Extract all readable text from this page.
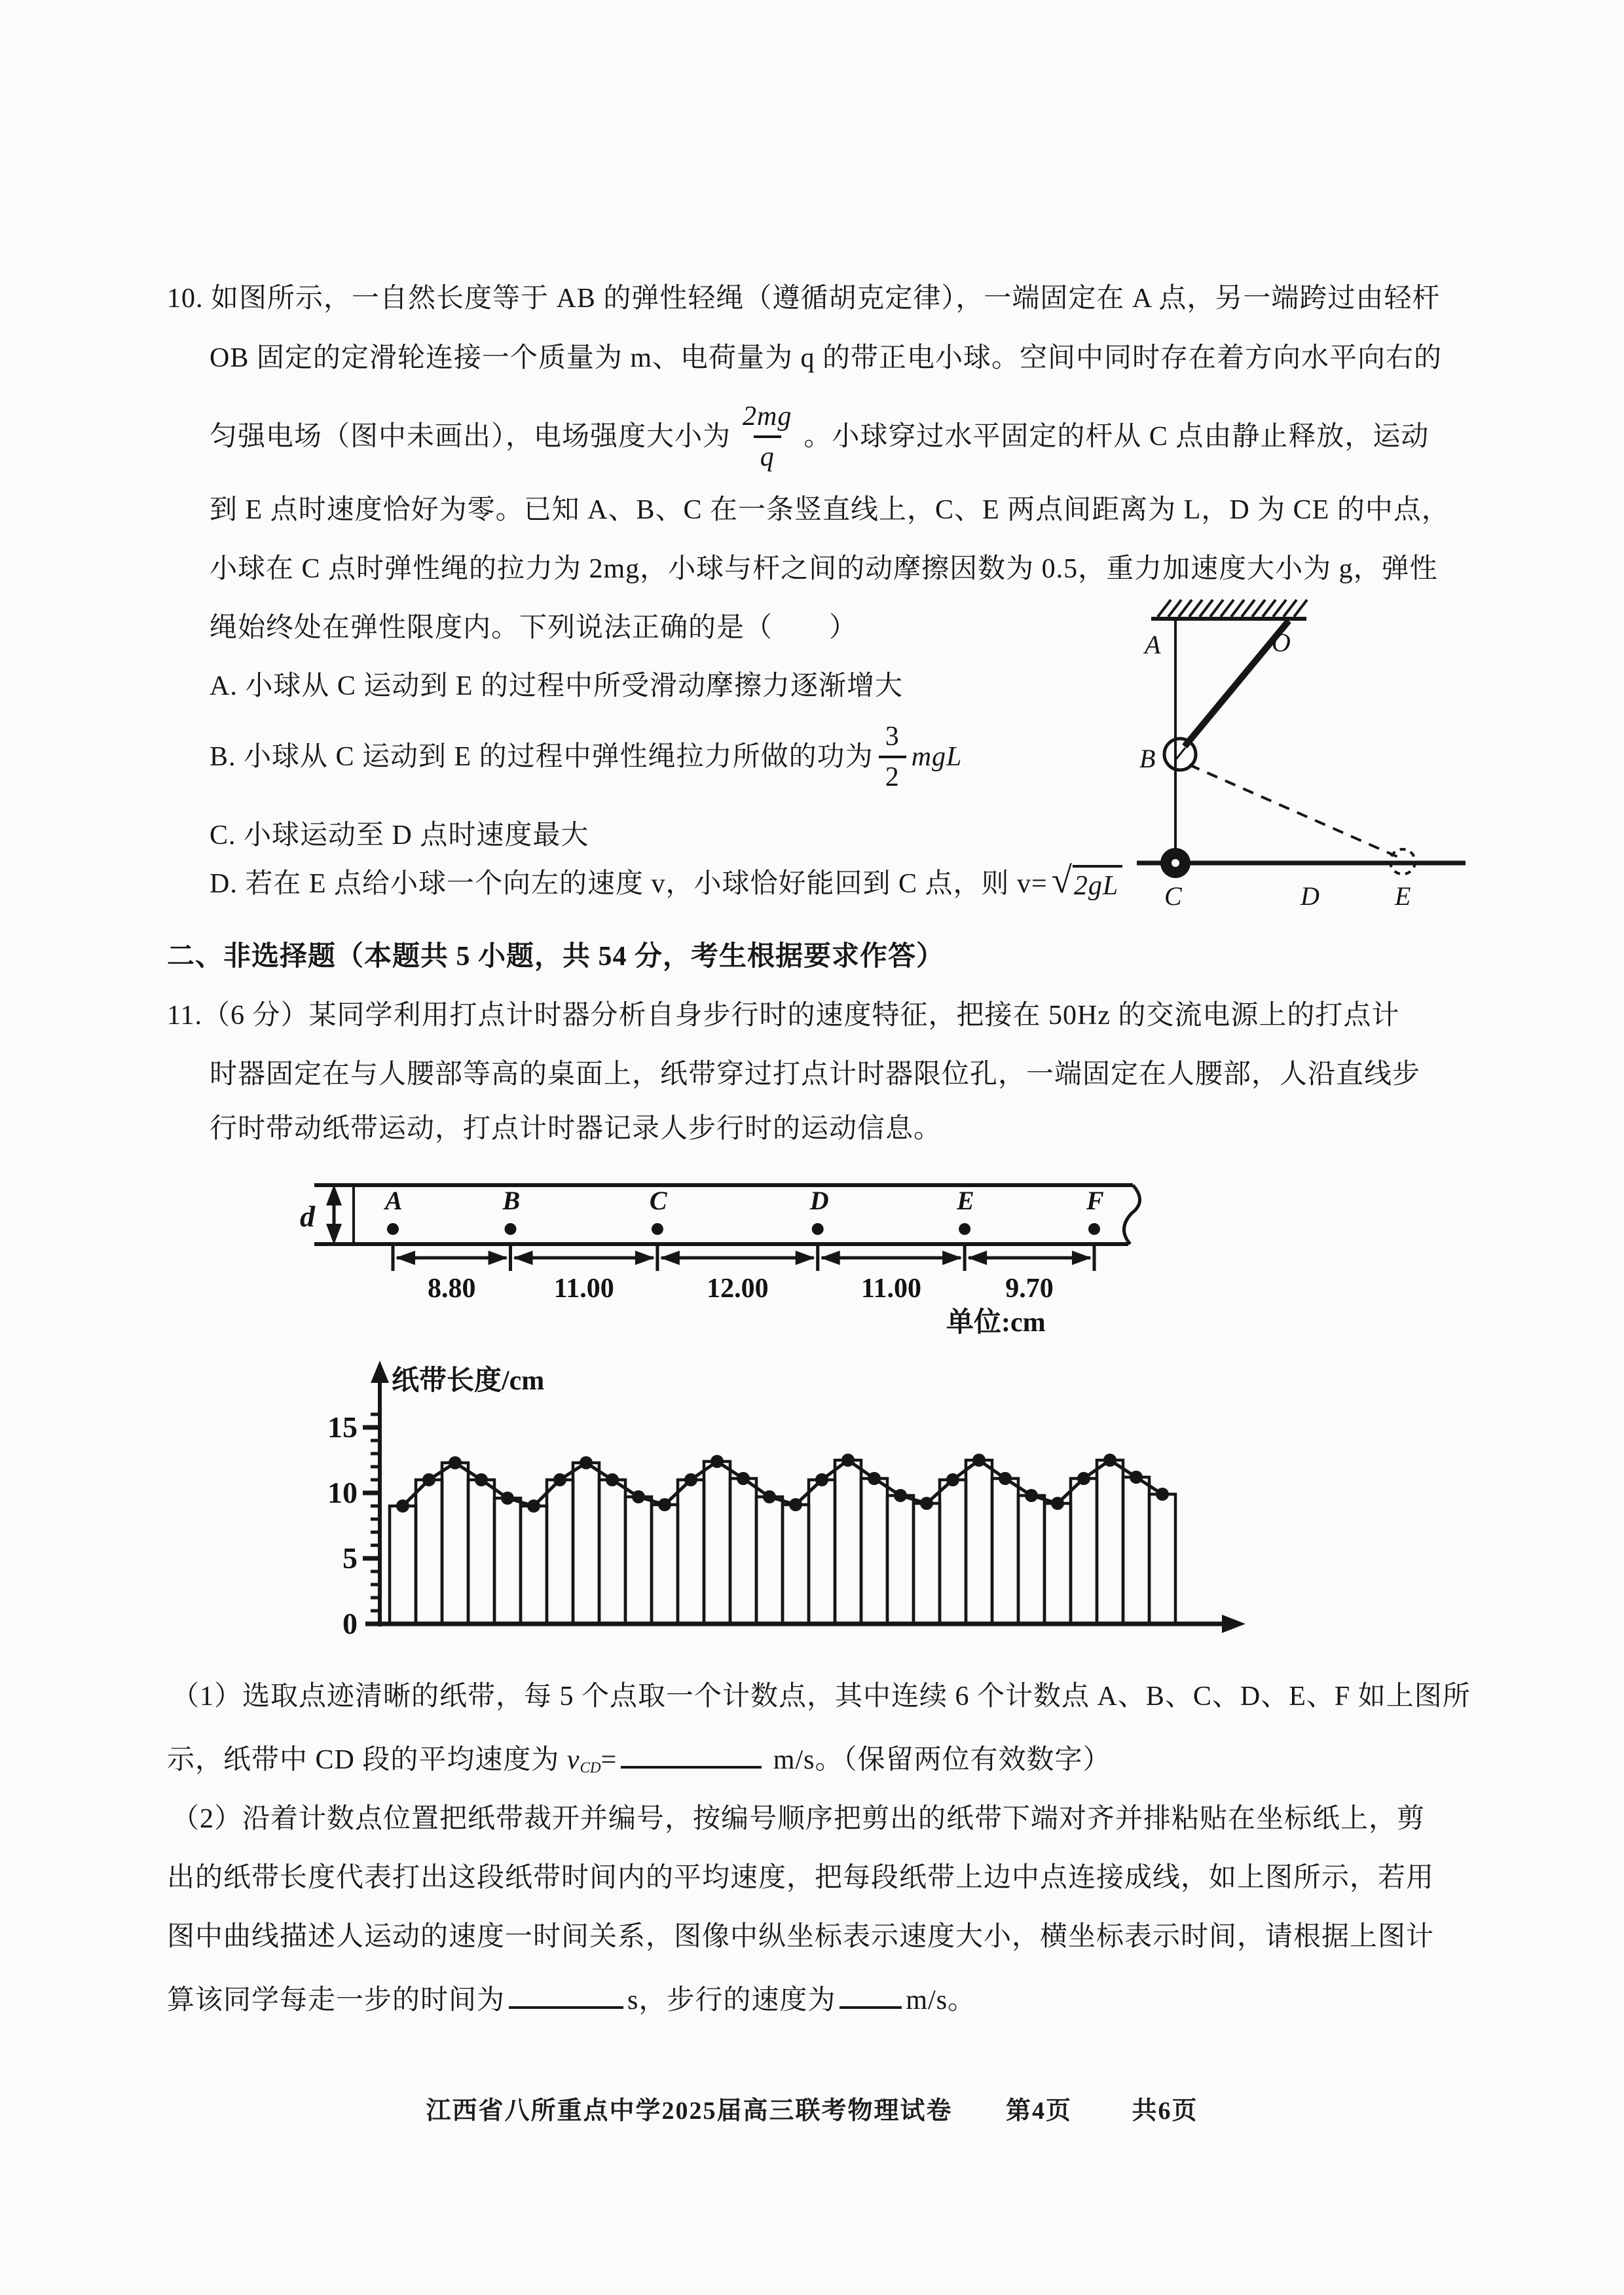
10. 如图所示，一自然长度等于 AB 的弹性轻绳（遵循胡克定律），一端固定在 A 点，另一端跨过由轻杆
OB 固定的定滑轮连接一个质量为 m、电荷量为 q 的带正电小球。空间中同时存在着方向水平向右的
匀强电场（图中未画出），电场强度大小为 $\frac{2mg}{q}$ 。小球穿过水平固定的杆从 C 点由静止释放，运动
到 E 点时速度恰好为零。已知 A、B、C 在一条竖直线上，C、E 两点间距离为 L，D 为 CE 的中点，
小球在 C 点时弹性绳的拉力为 2mg，小球与杆之间的动摩擦因数为 0.5，重力加速度大小为 g，弹性
绳始终处在弹性限度内。下列说法正确的是（　　）
A. 小球从 C 运动到 E 的过程中所受滑动摩擦力逐渐增大
B. 小球从 C 运动到 E 的过程中弹性绳拉力所做的功为 $\frac{3}{2}$ mgL
C. 小球运动至 D 点时速度最大
D. 若在 E 点给小球一个向左的速度 v，小球恰好能回到 C 点，则 v= √ 2gL
A	O
B
C	D	E
二、非选择题（本题共 5 小题，共 54 分，考生根据要求作答）
11.（6 分）某同学利用打点计时器分析自身步行时的速度特征，把接在 50Hz 的交流电源上的打点计
时器固定在与人腰部等高的桌面上，纸带穿过打点计时器限位孔，一端固定在人腰部，人沿直线步
行时带动纸带运动，打点计时器记录人步行时的运动信息。
d	A	B	C	D	E	F
8.80	11.00	12.00	11.00	9.70
单位:cm
0
5
10
15
纸带长度/cm
（1）选取点迹清晰的纸带，每 5 个点取一个计数点，其中连续 6 个计数点 A、B、C、D、E、F 如上图所
示，纸带中 CD 段的平均速度为 $v_{CD}=$	m/s。（保留两位有效数字）
（2）沿着计数点位置把纸带裁开并编号，按编号顺序把剪出的纸带下端对齐并排粘贴在坐标纸上，剪
出的纸带长度代表打出这段纸带时间内的平均速度，把每段纸带上边中点连接成线，如上图所示，若用
图中曲线描述人运动的速度一时间关系，图像中纵坐标表示速度大小，横坐标表示时间，请根据上图计
算该同学每走一步的时间为	s，步行的速度为	m/s。
江西省八所重点中学2025届高三联考物理试卷 第4页 共6页
